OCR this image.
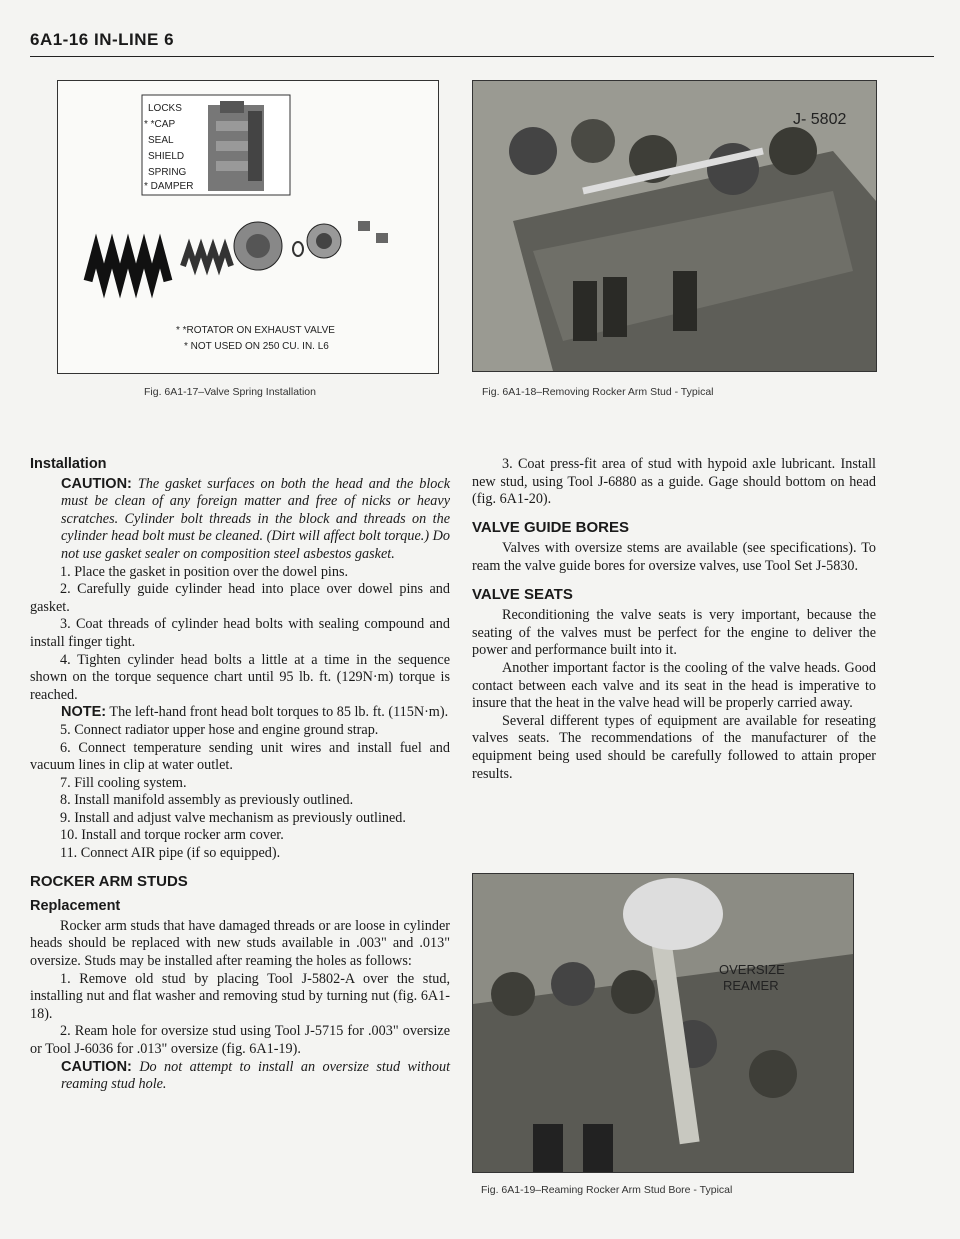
6A1-16 IN-LINE 6
LOCKS
* *CAP
SEAL
SHIELD
SPRING
* DAMPER
* *ROTATOR ON EXHAUST VALVE
* NOT USED ON 250 CU. IN. L6
Fig. 6A1-17–Valve Spring Installation
J- 5802
Fig. 6A1-18–Removing Rocker Arm Stud - Typical
OVERSIZE
REAMER
Fig. 6A1-19–Reaming Rocker Arm Stud Bore - Typical
Installation

CAUTION: The gasket surfaces on both the head and the block must be clean of any foreign matter and free of nicks or heavy scratches. Cylinder bolt threads in the block and threads on the cylinder head bolt must be cleaned. (Dirt will affect bolt torque.) Do not use gasket sealer on composition steel asbestos gasket.

1. Place the gasket in position over the dowel pins.

2. Carefully guide cylinder head into place over dowel pins and gasket.

3. Coat threads of cylinder head bolts with sealing compound and install finger tight.

4. Tighten cylinder head bolts a little at a time in the sequence shown on the torque sequence chart until 95 lb. ft. (129N·m) torque is reached.

NOTE: The left-hand front head bolt torques to 85 lb. ft. (115N·m).

5. Connect radiator upper hose and engine ground strap.

6. Connect temperature sending unit wires and install fuel and vacuum lines in clip at water outlet.

7. Fill cooling system.

8. Install manifold assembly as previously outlined.

9. Install and adjust valve mechanism as previously outlined.

10. Install and torque rocker arm cover.

11. Connect AIR pipe (if so equipped).

ROCKER ARM STUDS
Replacement

Rocker arm studs that have damaged threads or are loose in cylinder heads should be replaced with new studs available in .003" and .013" oversize. Studs may be installed after reaming the holes as follows:

1. Remove old stud by placing Tool J-5802-A over the stud, installing nut and flat washer and removing stud by turning nut (fig. 6A1-18).

2. Ream hole for oversize stud using Tool J-5715 for .003" oversize or Tool J-6036 for .013" oversize (fig. 6A1-19).

CAUTION: Do not attempt to install an oversize stud without reaming stud hole.

3. Coat press-fit area of stud with hypoid axle lubricant. Install new stud, using Tool J-6880 as a guide. Gage should bottom on head (fig. 6A1-20).

VALVE GUIDE BORES

Valves with oversize stems are available (see specifications). To ream the valve guide bores for oversize valves, use Tool Set J-5830.

VALVE SEATS

Reconditioning the valve seats is very important, because the seating of the valves must be perfect for the engine to deliver the power and performance built into it.

Another important factor is the cooling of the valve heads. Good contact between each valve and its seat in the head is imperative to insure that the heat in the valve head will be properly carried away.

Several different types of equipment are available for reseating valves seats. The recommendations of the manufacturer of the equipment being used should be carefully followed to attain proper results.
